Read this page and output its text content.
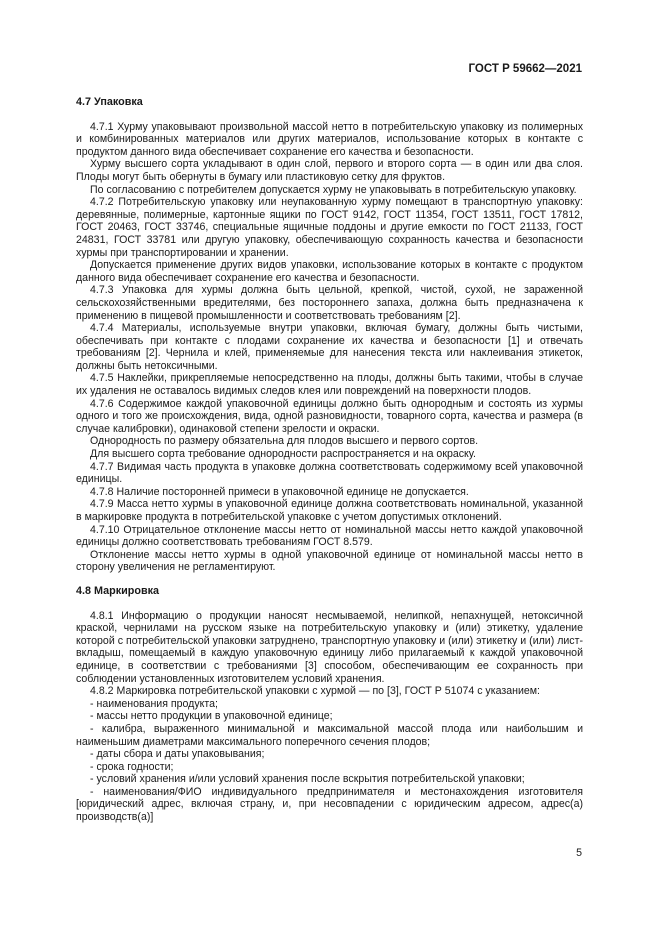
ГОСТ Р 59662—2021
4.7 Упаковка

4.7.1 Хурму упаковывают произвольной массой нетто в потребительскую упаковку из полимерных и комбинированных материалов или других материалов, использование которых в контакте с продуктом данного вида обеспечивает сохранение его качества и безопасности.

Хурму высшего сорта укладывают в один слой, первого и второго сорта — в один или два слоя. Плоды могут быть обернуты в бумагу или пластиковую сетку для фруктов.

По согласованию с потребителем допускается хурму не упаковывать в потребительскую упаковку.

4.7.2 Потребительскую упаковку или неупакованную хурму помещают в транспортную упаковку: деревянные, полимерные, картонные ящики по ГОСТ 9142, ГОСТ 11354, ГОСТ 13511, ГОСТ 17812, ГОСТ 20463, ГОСТ 33746, специальные ящичные поддоны и другие емкости по ГОСТ 21133, ГОСТ 24831, ГОСТ 33781 или другую упаковку, обеспечивающую сохранность качества и безопасности хурмы при транспортировании и хранении.

Допускается применение других видов упаковки, использование которых в контакте с продуктом данного вида обеспечивает сохранение его качества и безопасности.

4.7.3 Упаковка для хурмы должна быть цельной, крепкой, чистой, сухой, не зараженной сельскохозяйственными вредителями, без постороннего запаха, должна быть предназначена к применению в пищевой промышленности и соответствовать требованиям [2].

4.7.4 Материалы, используемые внутри упаковки, включая бумагу, должны быть чистыми, обеспечивать при контакте с плодами сохранение их качества и безопасности [1] и отвечать требованиям [2]. Чернила и клей, применяемые для нанесения текста или наклеивания этикеток, должны быть нетоксичными.

4.7.5 Наклейки, прикрепляемые непосредственно на плоды, должны быть такими, чтобы в случае их удаления не оставалось видимых следов клея или повреждений на поверхности плодов.

4.7.6 Содержимое каждой упаковочной единицы должно быть однородным и состоять из хурмы одного и того же происхождения, вида, одной разновидности, товарного сорта, качества и размера (в случае калибровки), одинаковой степени зрелости и окраски.

Однородность по размеру обязательна для плодов высшего и первого сортов.

Для высшего сорта требование однородности распространяется и на окраску.

4.7.7 Видимая часть продукта в упаковке должна соответствовать содержимому всей упаковочной единицы.

4.7.8 Наличие посторонней примеси в упаковочной единице не допускается.

4.7.9 Масса нетто хурмы в упаковочной единице должна соответствовать номинальной, указанной в маркировке продукта в потребительской упаковке с учетом допустимых отклонений.

4.7.10 Отрицательное отклонение массы нетто от номинальной массы нетто каждой упаковочной единицы должно соответствовать требованиям ГОСТ 8.579.

Отклонение массы нетто хурмы в одной упаковочной единице от номинальной массы нетто в сторону увеличения не регламентируют.

4.8 Маркировка

4.8.1 Информацию о продукции наносят несмываемой, нелипкой, непахнущей, нетоксичной краской, чернилами на русском языке на потребительскую упаковку и (или) этикетку, удаление которой с потребительской упаковки затруднено, транспортную упаковку и (или) этикетку и (или) лист-вкладыш, помещаемый в каждую упаковочную единицу либо прилагаемый к каждой упаковочной единице, в соответствии с требованиями [3] способом, обеспечивающим ее сохранность при соблюдении установленных изготовителем условий хранения.

4.8.2 Маркировка потребительской упаковки с хурмой — по [3], ГОСТ Р 51074 с указанием:

- наименования продукта;

- массы нетто продукции в упаковочной единице;

- калибра, выраженного минимальной и максимальной массой плода или наибольшим и наименьшим диаметрами максимального поперечного сечения плодов;

- даты сбора и даты упаковывания;

- срока годности;

- условий хранения и/или условий хранения после вскрытия потребительской упаковки;

- наименования/ФИО индивидуального предпринимателя и местонахождения изготовителя [юридический адрес, включая страну, и, при несовпадении с юридическим адресом, адрес(а) производств(а)]

5
